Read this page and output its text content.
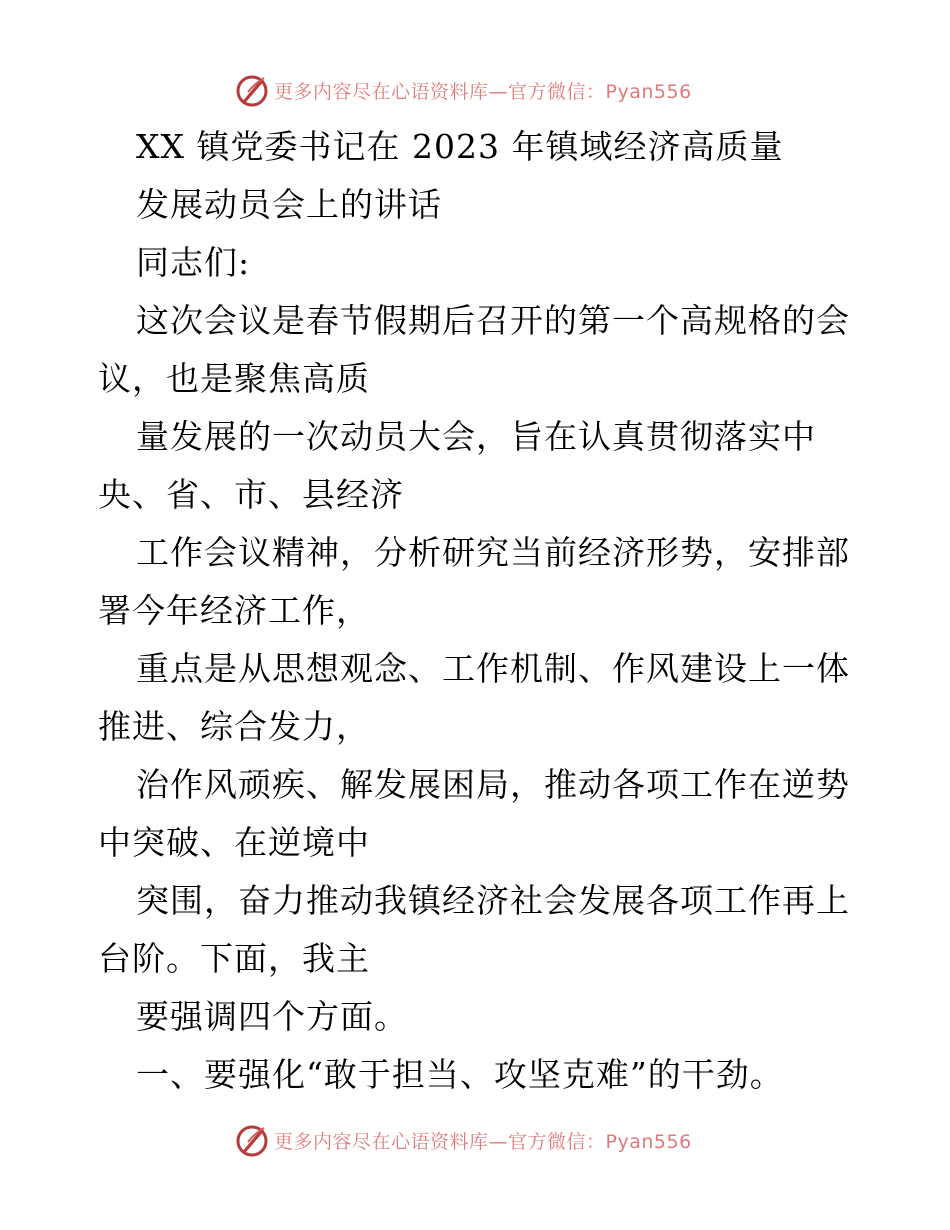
更多内容尽在心语资料库—官方微信：Pyan556
XX 镇党委书记在 2023 年镇域经济高质量
发展动员会上的讲话
同志们:
这次会议是春节假期后召开的第一个高规格的会
议，也是聚焦高质
量发展的一次动员大会，旨在认真贯彻落实中
央、省、市、县经济
工作会议精神，分析研究当前经济形势，安排部
署今年经济工作，
重点是从思想观念、工作机制、作风建设上一体
推进、综合发力，
治作风顽疾、解发展困局，推动各项工作在逆势
中突破、在逆境中
突围，奋力推动我镇经济社会发展各项工作再上
台阶。下面，我主
要强调四个方面。
一、要强化“敢于担当、攻坚克难”的干劲。
更多内容尽在心语资料库—官方微信：Pyan556
